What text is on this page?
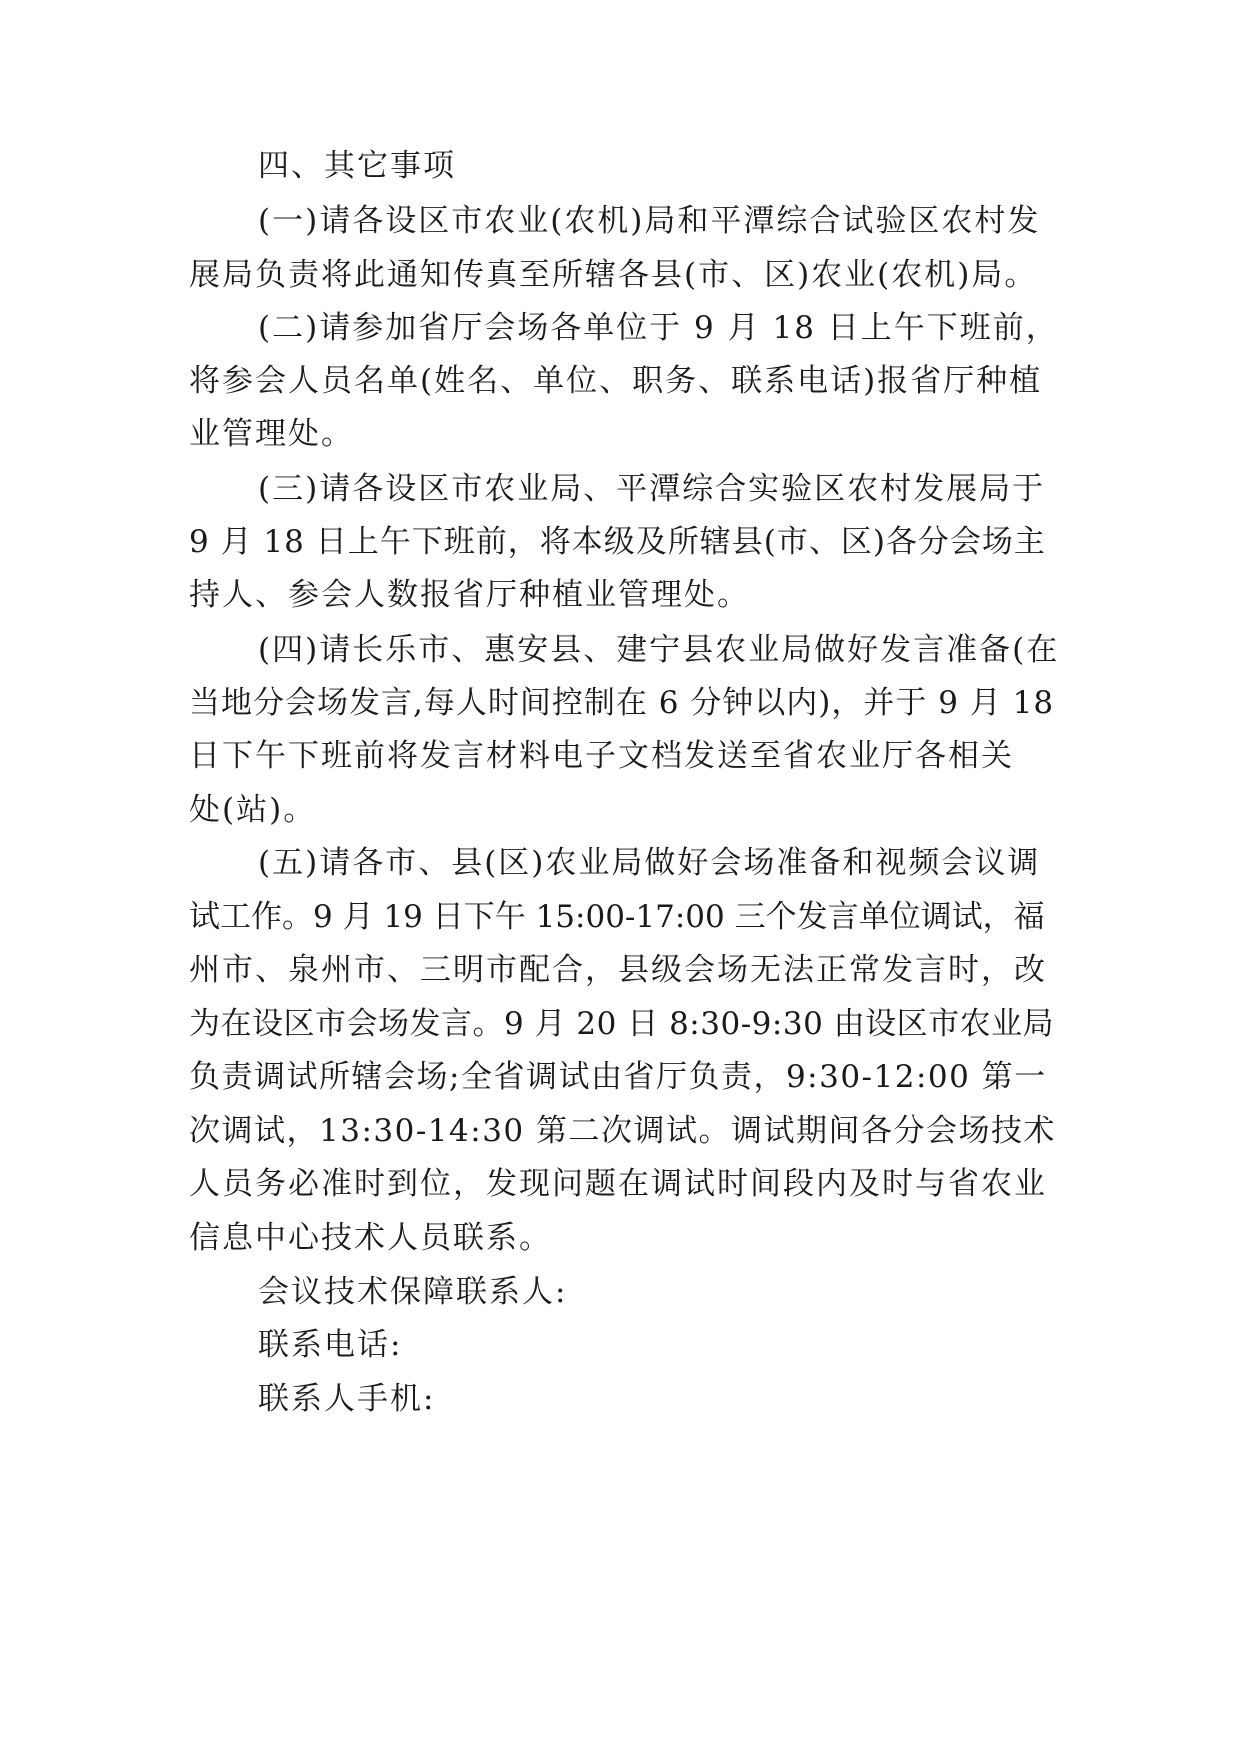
四、其它事项
(一)请各设区市农业(农机)局和平潭综合试验区农村发
展局负责将此通知传真至所辖各县(市、区)农业(农机)局。
(二)请参加省厅会场各单位于 9 月 18 日上午下班前，
将参会人员名单(姓名、单位、职务、联系电话)报省厅种植
业管理处。
(三)请各设区市农业局、平潭综合实验区农村发展局于
9 月 18 日上午下班前，将本级及所辖县(市、区)各分会场主
持人、参会人数报省厅种植业管理处。
(四)请长乐市、惠安县、建宁县农业局做好发言准备(在
当地分会场发言,每人时间控制在 6 分钟以内)，并于 9 月 18
日下午下班前将发言材料电子文档发送至省农业厅各相关
处(站)。
(五)请各市、县(区)农业局做好会场准备和视频会议调
试工作。9 月 19 日下午 15:00-17:00 三个发言单位调试，福
州市、泉州市、三明市配合，县级会场无法正常发言时，改
为在设区市会场发言。9 月 20 日 8:30-9:30 由设区市农业局
负责调试所辖会场;全省调试由省厅负责，9:30-12:00 第一
次调试，13:30-14:30 第二次调试。调试期间各分会场技术
人员务必准时到位，发现问题在调试时间段内及时与省农业
信息中心技术人员联系。
会议技术保障联系人:
联系电话:
联系人手机:
